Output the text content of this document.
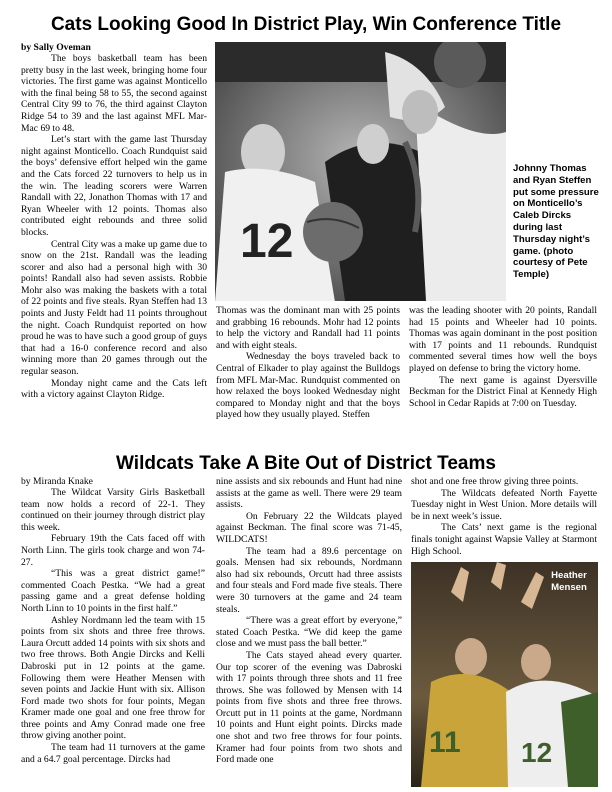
Cats Looking Good In District Play, Win Conference Title
by Sally Oveman

The boys basketball team has been pretty busy in the last week, bringing home four victories. The first game was against Monticello with the final being 58 to 55, the second against Central City 99 to 76, the third against Clayton Ridge 54 to 39 and the last against MFL Mar-Mac 69 to 48.

Let’s start with the game last Thursday night against Monticello. Coach Rundquist said the boys’ defensive effort helped win the game and the Cats forced 22 turnovers to help us in the win. The leading scorers were Warren Randall with 22, Jonathon Thomas with 17 and Ryan Wheeler with 12 points. Thomas also contributed eight rebounds and three solid blocks.

Central City was a make up game due to snow on the 21st. Randall was the leading scorer and also had a personal high with 30 points! Randall also had seven assists. Robbie Mohr also was making the baskets with a total of 22 points and five steals. Ryan Steffen had 13 points and Justy Feldt had 11 points throughout the night. Coach Rundquist reported on how proud he was to have such a good group of guys that had a 16-0 conference record and also winning more than 20 games through out the regular season.

Monday night came and the Cats left with a victory against Clayton Ridge.

12
Johnny Thomas and Ryan Steffen put some pressure on Monticello’s Caleb Dircks during last Thursday night’s game. (photo courtesy of Pete Temple)

Thomas was the dominant man with 25 points and grabbing 16 rebounds. Mohr had 12 points to help the victory and Randall had 11 points and with eight steals.

Wednesday the boys traveled back to Central of Elkader to play against the Bulldogs from MFL Mar-Mac. Rundquist commented on how relaxed the boys looked Wednesday night compared to Monday night and that the boys played how they usually played. Steffen

was the leading shooter with 20 points, Randall had 15 points and Wheeler had 10 points. Thomas was again dominant in the post position with 17 points and 11 rebounds. Rundquist commented several times how well the boys played on defense to bring the victory home.

The next game is against Dyersville Beckman for the District Final at Kennedy High School in Cedar Rapids at 7:00 on Tuesday.

Wildcats Take A Bite Out of District Teams
by Miranda Knake

The Wildcat Varsity Girls Basketball team now holds a record of 22-1. They continued on their journey through district play this week.

February 19th the Cats faced off with North Linn. The girls took charge and won 74-27.

“This was a great district game!” commented Coach Pestka. “We had a great passing game and a great defense holding North Linn to 10 points in the first half.”

Ashley Nordmann led the team with 15 points from six shots and three free throws. Laura Orcutt added 14 points with six shots and two free throws. Both Angie Dircks and Kelli Dabroski put in 12 points at the game. Following them were Heather Mensen with seven points and Jackie Hunt with six. Allison Ford made two shots for four points, Megan Kramer made one goal and one free throw for three points and Amy Conrad made one free throw giving another point.

The team had 11 turnovers at the game and a 64.7 goal percentage. Dircks had

nine assists and six rebounds and Hunt had nine assists at the game as well. There were 29 team assists.

On February 22 the Wildcats played against Beckman. The final score was 71-45, WILDCATS!

The team had a 89.6 percentage on goals. Mensen had six rebounds, Nordmann also had six rebounds, Orcutt had three assists and four steals and Ford made five steals. There were 30 turnovers at the game and 24 team steals.

“There was a great effort by everyone,” stated Coach Pestka. “We did keep the game close and we must pass the ball better.”

The Cats stayed ahead every quarter. Our top scorer of the evening was Dabroski with 17 points through three shots and 11 free throws. She was followed by Mensen with 14 points from five shots and three free throws. Orcutt put in 11 points at the game, Nordmann 10 points and Hunt eight points. Dircks made one shot and two free throws for four points. Kramer had four points from two shots and Ford made one

shot and one free throw giving three points.

The Wildcats defeated North Fayette Tuesday night in West Union. More details will be in next week’s issue.

The Cats’ next game is the regional finals tonight against Wapsie Valley at Starmont High School.

11 12
Heather Mensen
